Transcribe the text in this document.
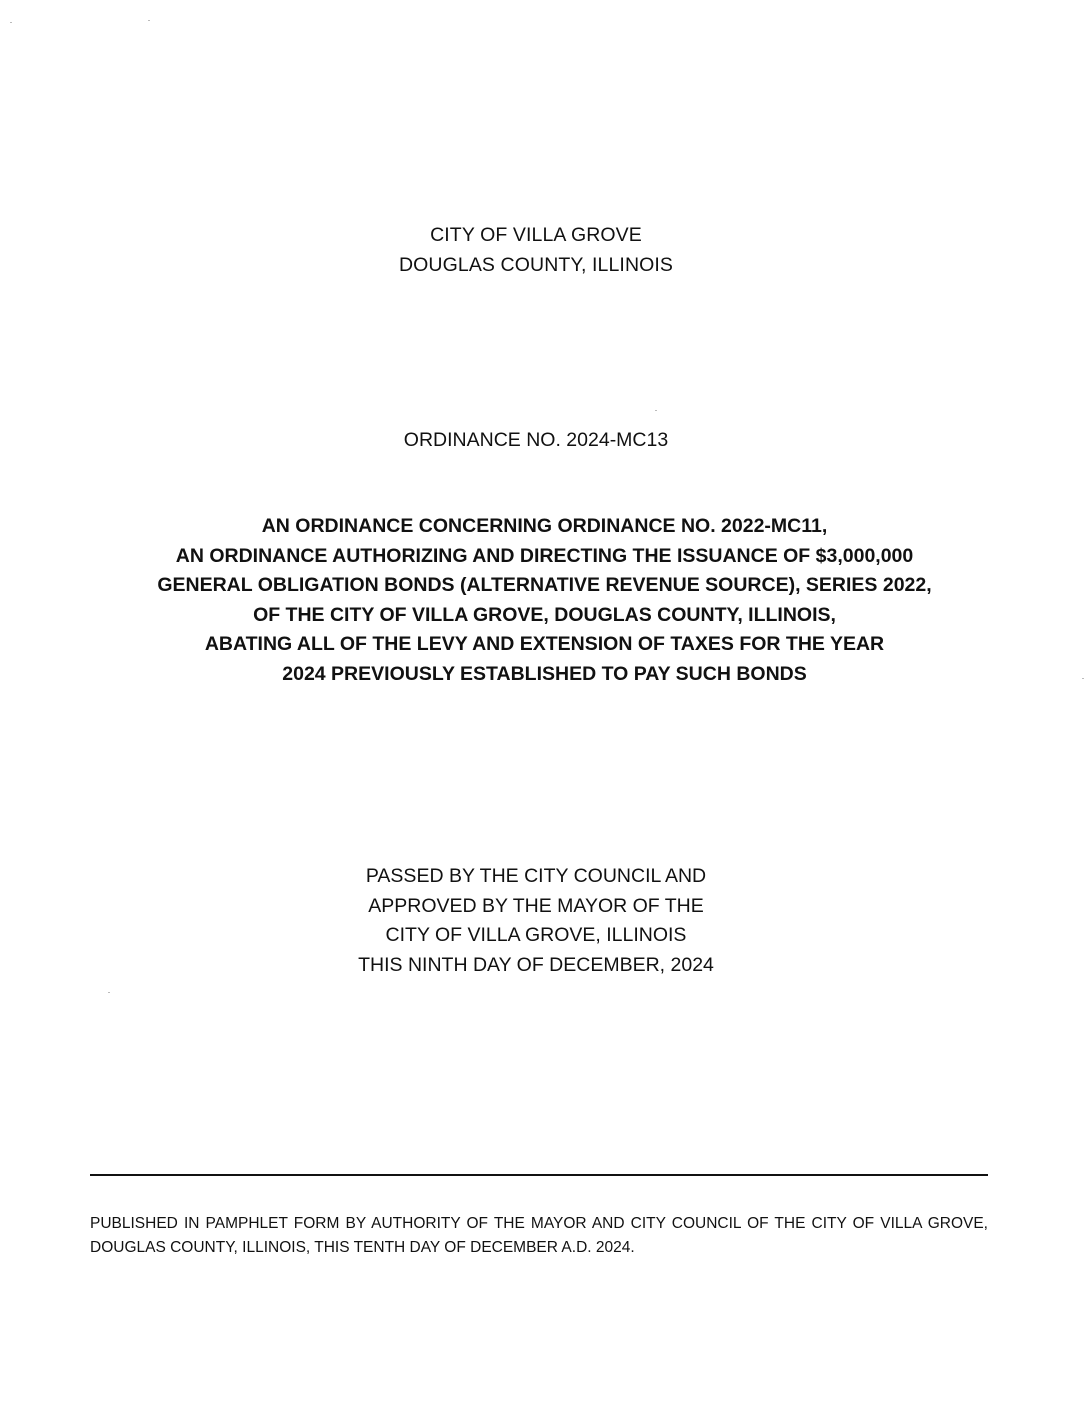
CITY OF VILLA GROVE
DOUGLAS COUNTY, ILLINOIS
ORDINANCE NO. 2024-MC13
AN ORDINANCE CONCERNING ORDINANCE NO. 2022-MC11,
AN ORDINANCE AUTHORIZING AND DIRECTING THE ISSUANCE OF $3,000,000
GENERAL OBLIGATION BONDS (ALTERNATIVE REVENUE SOURCE), SERIES 2022,
OF THE CITY OF VILLA GROVE, DOUGLAS COUNTY, ILLINOIS,
ABATING ALL OF THE LEVY AND EXTENSION OF TAXES FOR THE YEAR
2024 PREVIOUSLY ESTABLISHED TO PAY SUCH BONDS
PASSED BY THE CITY COUNCIL AND
APPROVED BY THE MAYOR OF THE
CITY OF VILLA GROVE, ILLINOIS
THIS NINTH DAY OF DECEMBER, 2024
PUBLISHED IN PAMPHLET FORM BY AUTHORITY OF THE MAYOR AND CITY COUNCIL OF THE CITY OF VILLA GROVE, DOUGLAS COUNTY, ILLINOIS, THIS TENTH DAY OF DECEMBER A.D. 2024.
